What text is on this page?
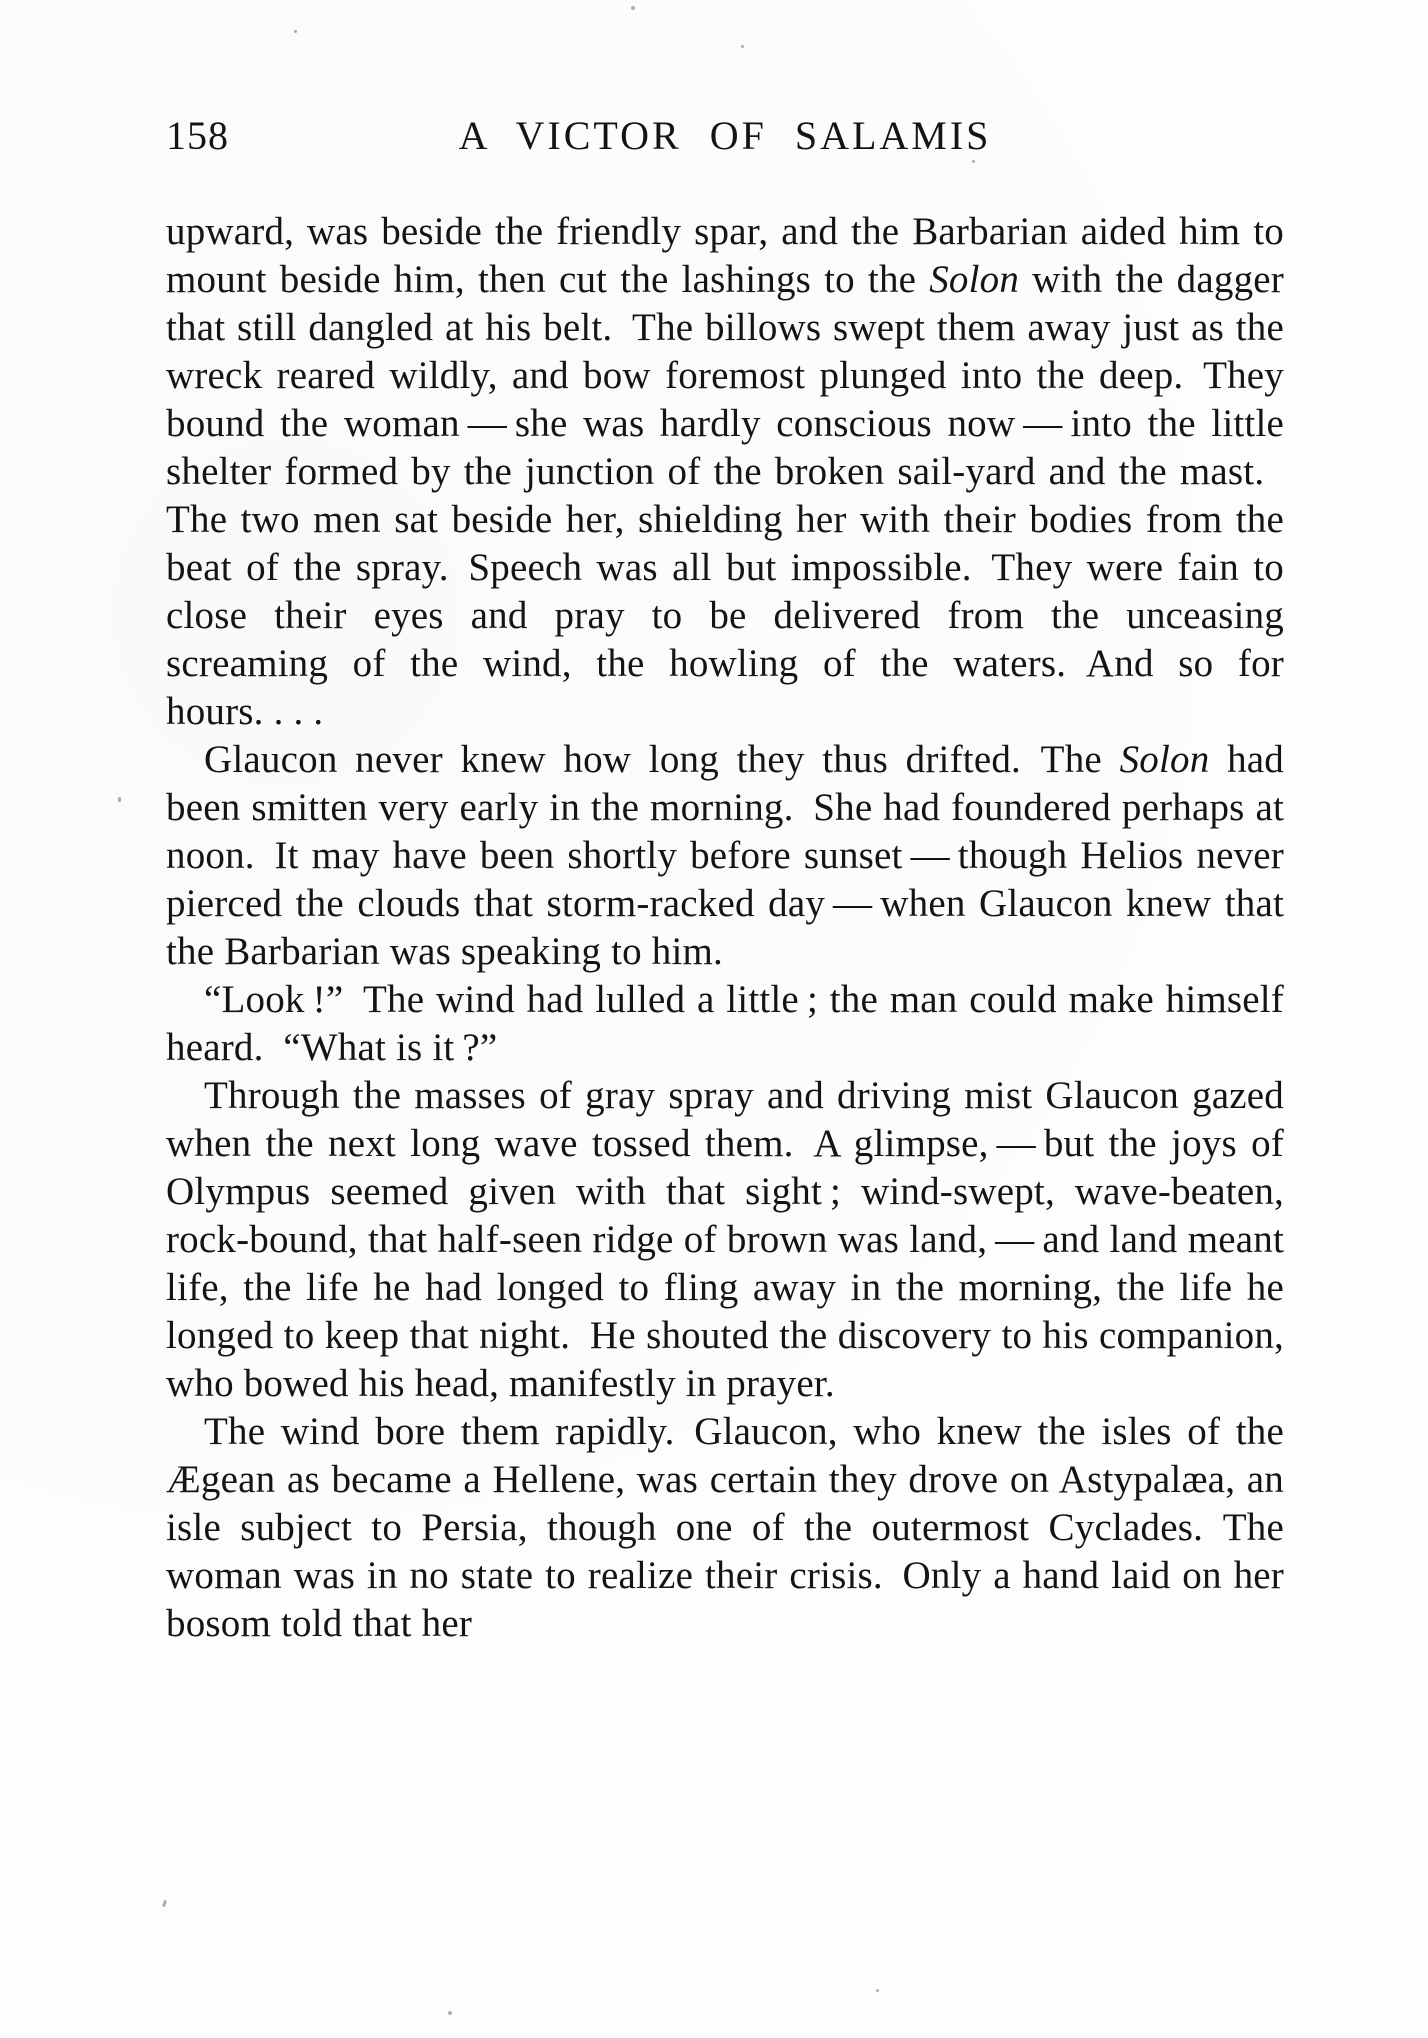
158	A VICTOR OF SALAMIS

upward, was beside the friendly spar, and the Barbarian aided him to mount beside him, then cut the lashings to the Solon with the dagger that still dangled at his belt. The billows swept them away just as the wreck reared wildly, and bow foremost plunged into the deep. They bound the woman — she was hardly conscious now — into the little shelter formed by the junction of the broken sail-yard and the mast. The two men sat beside her, shielding her with their bodies from the beat of the spray. Speech was all but impossible. They were fain to close their eyes and pray to be delivered from the unceasing screaming of the wind, the howling of the waters. And so for hours. . . .

Glaucon never knew how long they thus drifted. The Solon had been smitten very early in the morning. She had foundered perhaps at noon. It may have been shortly before sunset — though Helios never pierced the clouds that storm-racked day — when Glaucon knew that the Barbarian was speaking to him.

“Look !” The wind had lulled a little ; the man could make himself heard. “What is it ?”

Through the masses of gray spray and driving mist Glaucon gazed when the next long wave tossed them. A glimpse, — but the joys of Olympus seemed given with that sight ; wind-swept, wave-beaten, rock-bound, that half-seen ridge of brown was land, — and land meant life, the life he had longed to fling away in the morning, the life he longed to keep that night. He shouted the discovery to his companion, who bowed his head, manifestly in prayer.

The wind bore them rapidly. Glaucon, who knew the isles of the Ægean as became a Hellene, was certain they drove on Astypalæa, an isle subject to Persia, though one of the outermost Cyclades. The woman was in no state to realize their crisis. Only a hand laid on her bosom told that her
